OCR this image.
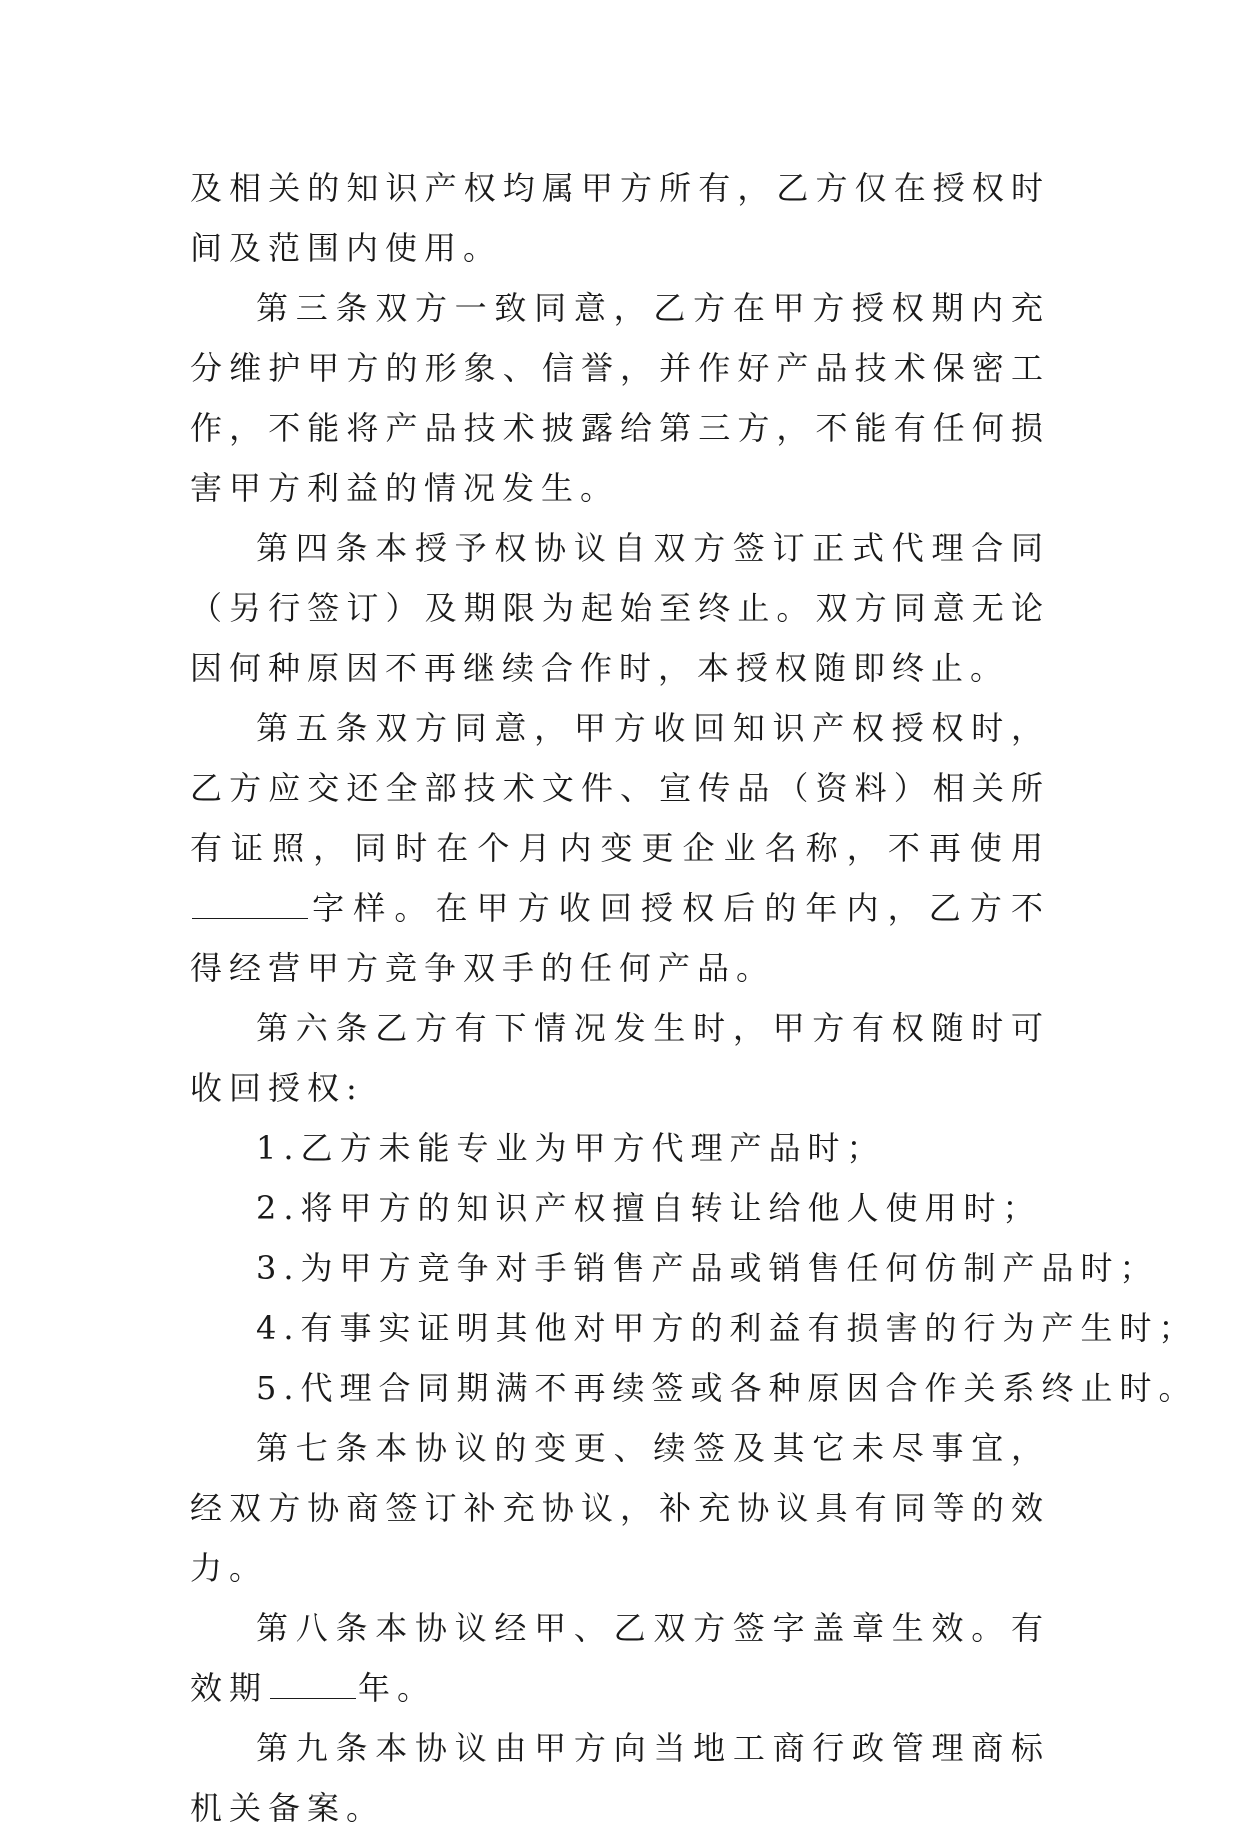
及相关的知识产权均属甲方所有，乙方仅在授权时间及范围内使用。

第三条双方一致同意，乙方在甲方授权期内充分维护甲方的形象、信誉，并作好产品技术保密工作，不能将产品技术披露给第三方，不能有任何损害甲方利益的情况发生。

第四条本授予权协议自双方签订正式代理合同（另行签订）及期限为起始至终止。双方同意无论因何种原因不再继续合作时，本授权随即终止。

第五条双方同意，甲方收回知识产权授权时，乙方应交还全部技术文件、宣传品（资料）相关所有证照，同时在个月内变更企业名称，不再使用字样。在甲方收回授权后的年内，乙方不得经营甲方竞争双手的任何产品。

第六条乙方有下情况发生时，甲方有权随时可收回授权:

1.乙方未能专业为甲方代理产品时；

2.将甲方的知识产权擅自转让给他人使用时；

3.为甲方竞争对手销售产品或销售任何仿制产品时；

4.有事实证明其他对甲方的利益有损害的行为产生时；

5.代理合同期满不再续签或各种原因合作关系终止时。

第七条本协议的变更、续签及其它未尽事宜，经双方协商签订补充协议，补充协议具有同等的效力。

第八条本协议经甲、乙双方签字盖章生效。有效期	年。

第九条本协议由甲方向当地工商行政管理商标机关备案。
